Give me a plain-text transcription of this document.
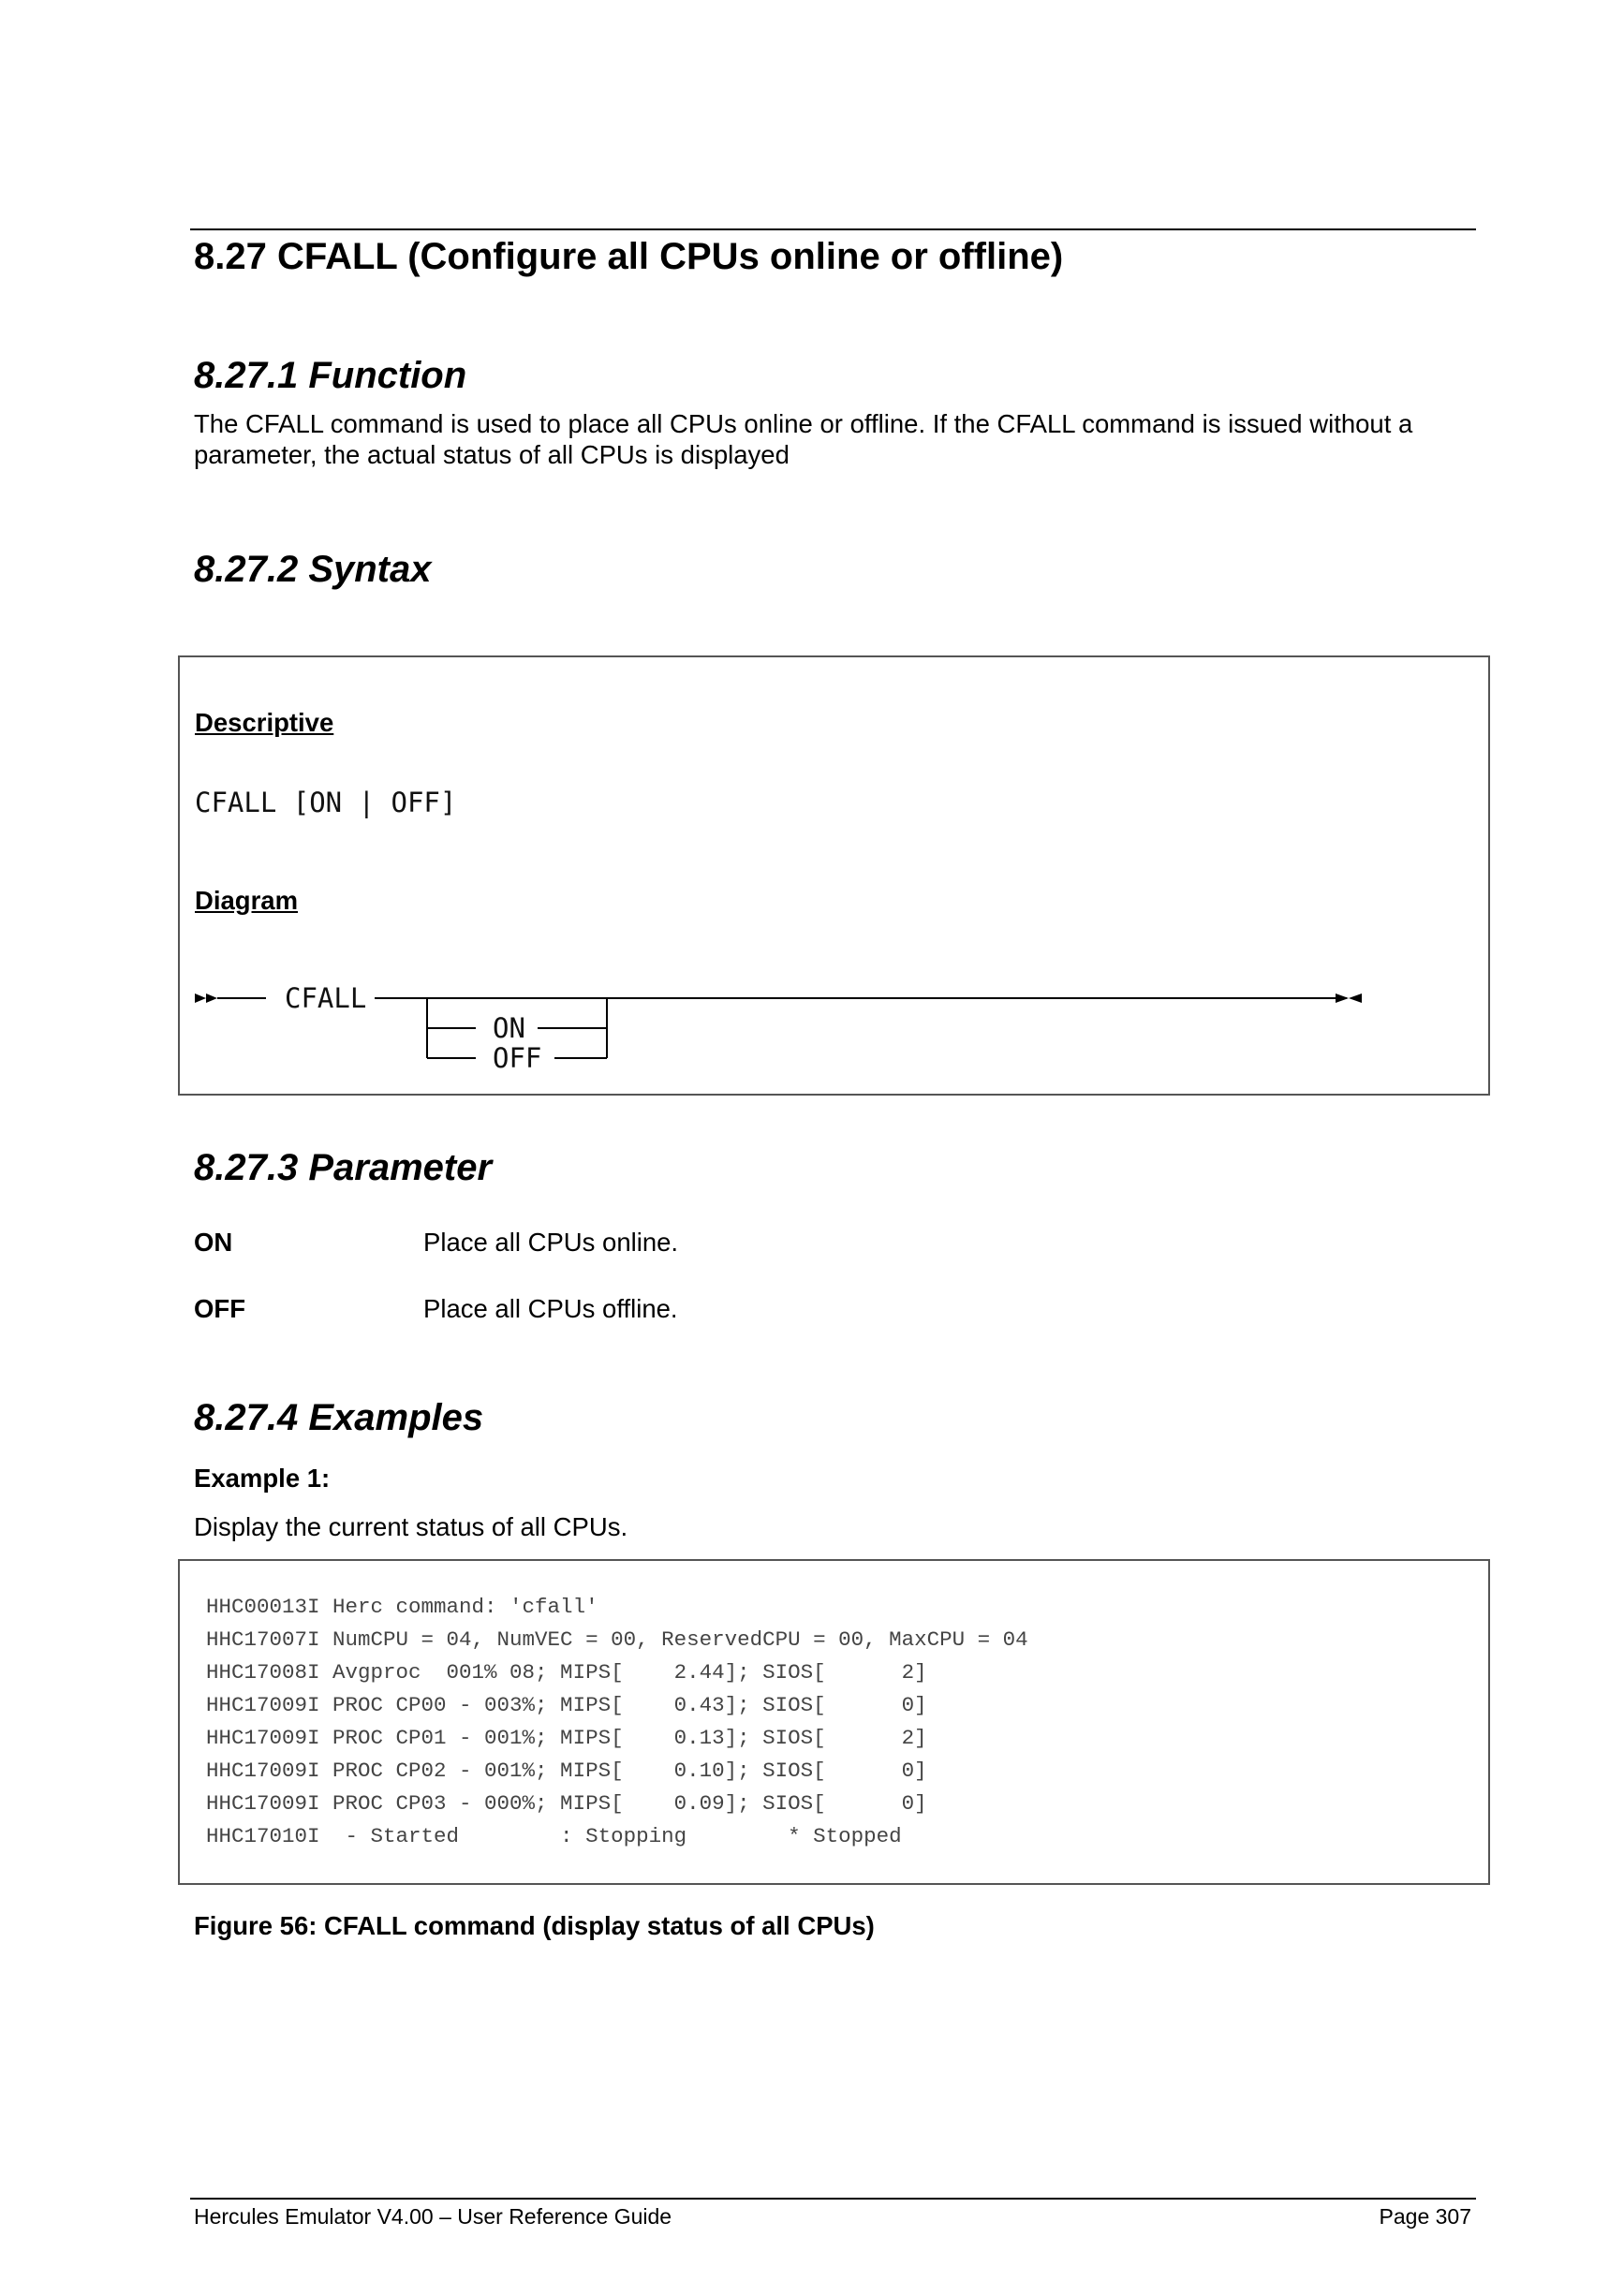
8.27 CFALL (Configure all CPUs online or offline)
8.27.1 Function
The CFALL command is used to place all CPUs online or offline. If the CFALL command is issued without a parameter, the actual status of all CPUs is displayed
8.27.2 Syntax
Descriptive
CFALL [ON | OFF]
Diagram
CFALL
ON
OFF
8.27.3 Parameter
ON	Place all CPUs online.
OFF	Place all CPUs offline.
8.27.4 Examples
Example 1:
Display the current status of all CPUs.
HHC00013I Herc command: 'cfall'
HHC17007I NumCPU = 04, NumVEC = 00, ReservedCPU = 00, MaxCPU = 04
HHC17008I Avgproc  001% 08; MIPS[    2.44]; SIOS[      2]
HHC17009I PROC CP00 - 003%; MIPS[    0.43]; SIOS[      0]
HHC17009I PROC CP01 - 001%; MIPS[    0.13]; SIOS[      2]
HHC17009I PROC CP02 - 001%; MIPS[    0.10]; SIOS[      0]
HHC17009I PROC CP03 - 000%; MIPS[    0.09]; SIOS[      0]
HHC17010I  - Started        : Stopping        * Stopped
Figure 56: CFALL command (display status of all CPUs)
Hercules Emulator V4.00 – User Reference Guide	Page 307
